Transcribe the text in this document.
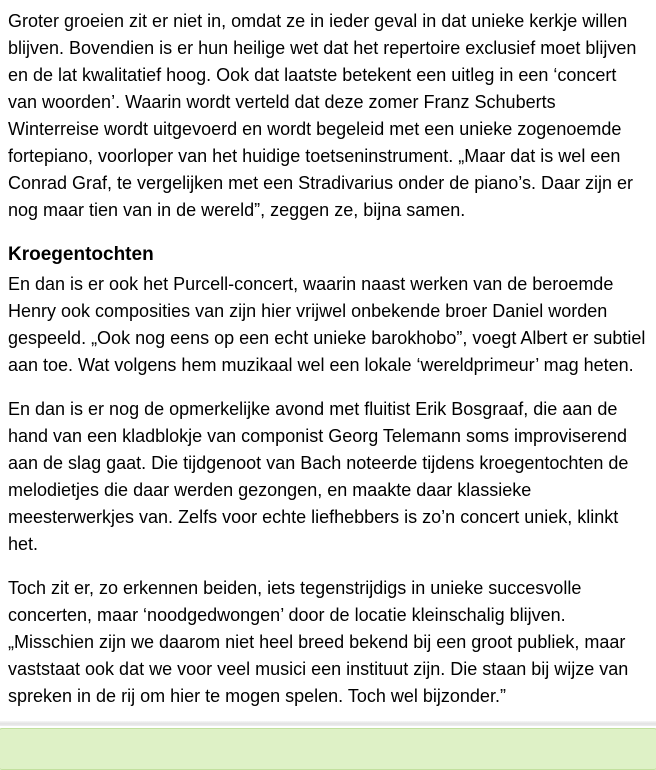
Groter groeien zit er niet in, omdat ze in ieder geval in dat unieke kerkje willen blijven. Bovendien is er hun heilige wet dat het repertoire exclusief moet blijven en de lat kwalitatief hoog. Ook dat laatste betekent een uitleg in een ‘concert van woorden’. Waarin wordt verteld dat deze zomer Franz Schuberts Winterreise wordt uitgevoerd en wordt begeleid met een unieke zogenoemde fortepiano, voorloper van het huidige toetseninstrument. „Maar dat is wel een Conrad Graf, te vergelijken met een Stradivarius onder de piano’s. Daar zijn er nog maar tien van in de wereld”, zeggen ze, bijna samen.

Kroegentochten

En dan is er ook het Purcell-concert, waarin naast werken van de beroemde Henry ook composities van zijn hier vrijwel onbekende broer Daniel worden gespeeld. „Ook nog eens op een echt unieke barokhobo”, voegt Albert er subtiel aan toe. Wat volgens hem muzikaal wel een lokale ‘wereldprimeur’ mag heten.

En dan is er nog de opmerkelijke avond met fluitist Erik Bosgraaf, die aan de hand van een kladblokje van componist Georg Telemann soms improviserend aan de slag gaat. Die tijdgenoot van Bach noteerde tijdens kroegentochten de melodietjes die daar werden gezongen, en maakte daar klassieke meesterwerkjes van. Zelfs voor echte liefhebbers is zo’n concert uniek, klinkt het.

Toch zit er, zo erkennen beiden, iets tegenstrijdigs in unieke succesvolle concerten, maar ‘noodgedwongen’ door de locatie kleinschalig blijven. „Misschien zijn we daarom niet heel breed bekend bij een groot publiek, maar vaststaat ook dat we voor veel musici een instituut zijn. Die staan bij wijze van spreken in de rij om hier te mogen spelen. Toch wel bijzonder.”
